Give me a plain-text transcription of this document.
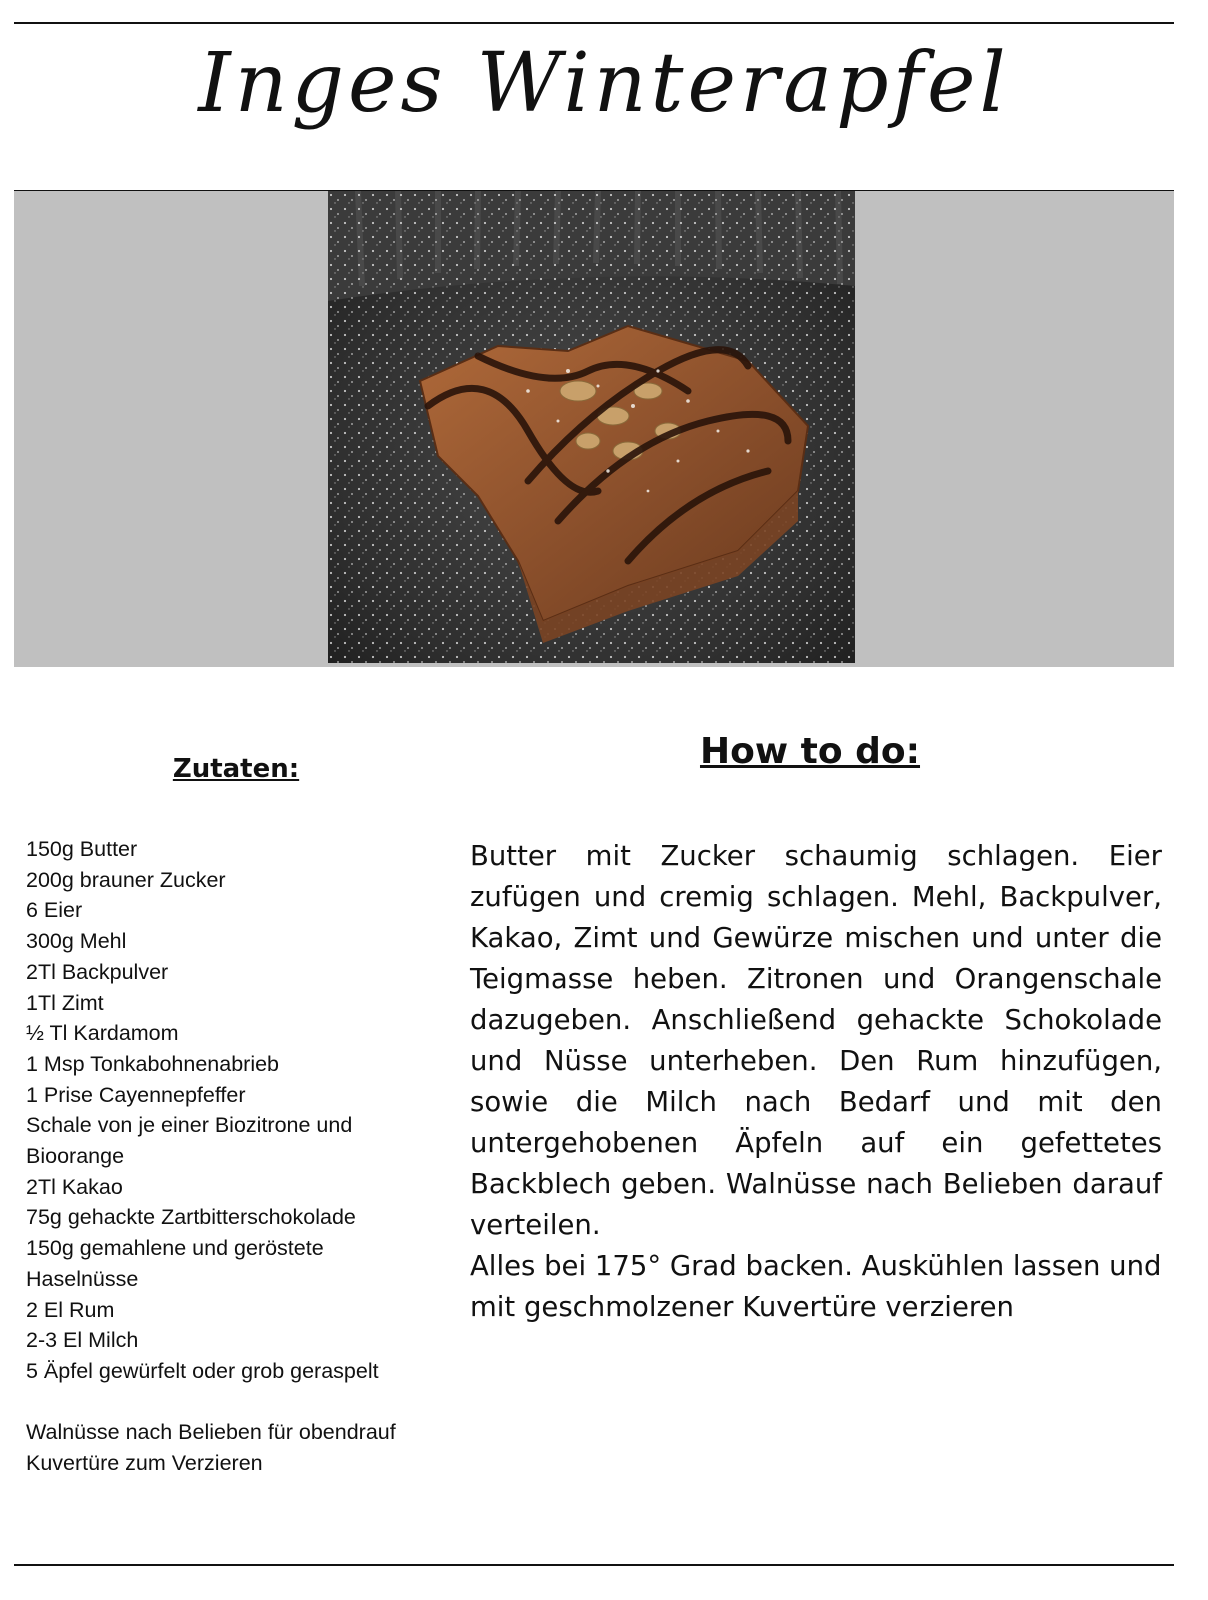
Inges Winterapfel
Zutaten:	How to do:
150g Butter
200g brauner Zucker
6 Eier
300g Mehl
2Tl Backpulver
1Tl Zimt
½ Tl Kardamom
1 Msp Tonkabohnenabrieb
1 Prise Cayennepfeffer
Schale von je einer Biozitrone und
Bioorange
2Tl Kakao
75g gehackte Zartbitterschokolade
150g gemahlene und geröstete
Haselnüsse
2 El Rum
2-3 El Milch
5 Äpfel gewürfelt oder grob geraspelt
Walnüsse nach Belieben für obendrauf
Kuvertüre zum Verzieren

Butter mit Zucker schaumig schlagen. Eier zufügen und cremig schlagen. Mehl, Backpulver, Kakao, Zimt und Gewürze mischen und unter die Teigmasse heben. Zitronen und Orangenschale dazugeben. Anschließend gehackte Schokolade und Nüsse unterheben. Den Rum hinzufügen, sowie die Milch nach Bedarf und mit den untergehobenen Äpfeln auf ein gefettetes Backblech geben. Walnüsse nach Belieben darauf verteilen.

Alles bei 175° Grad backen. Auskühlen lassen und mit geschmolzener Kuvertüre verzieren
